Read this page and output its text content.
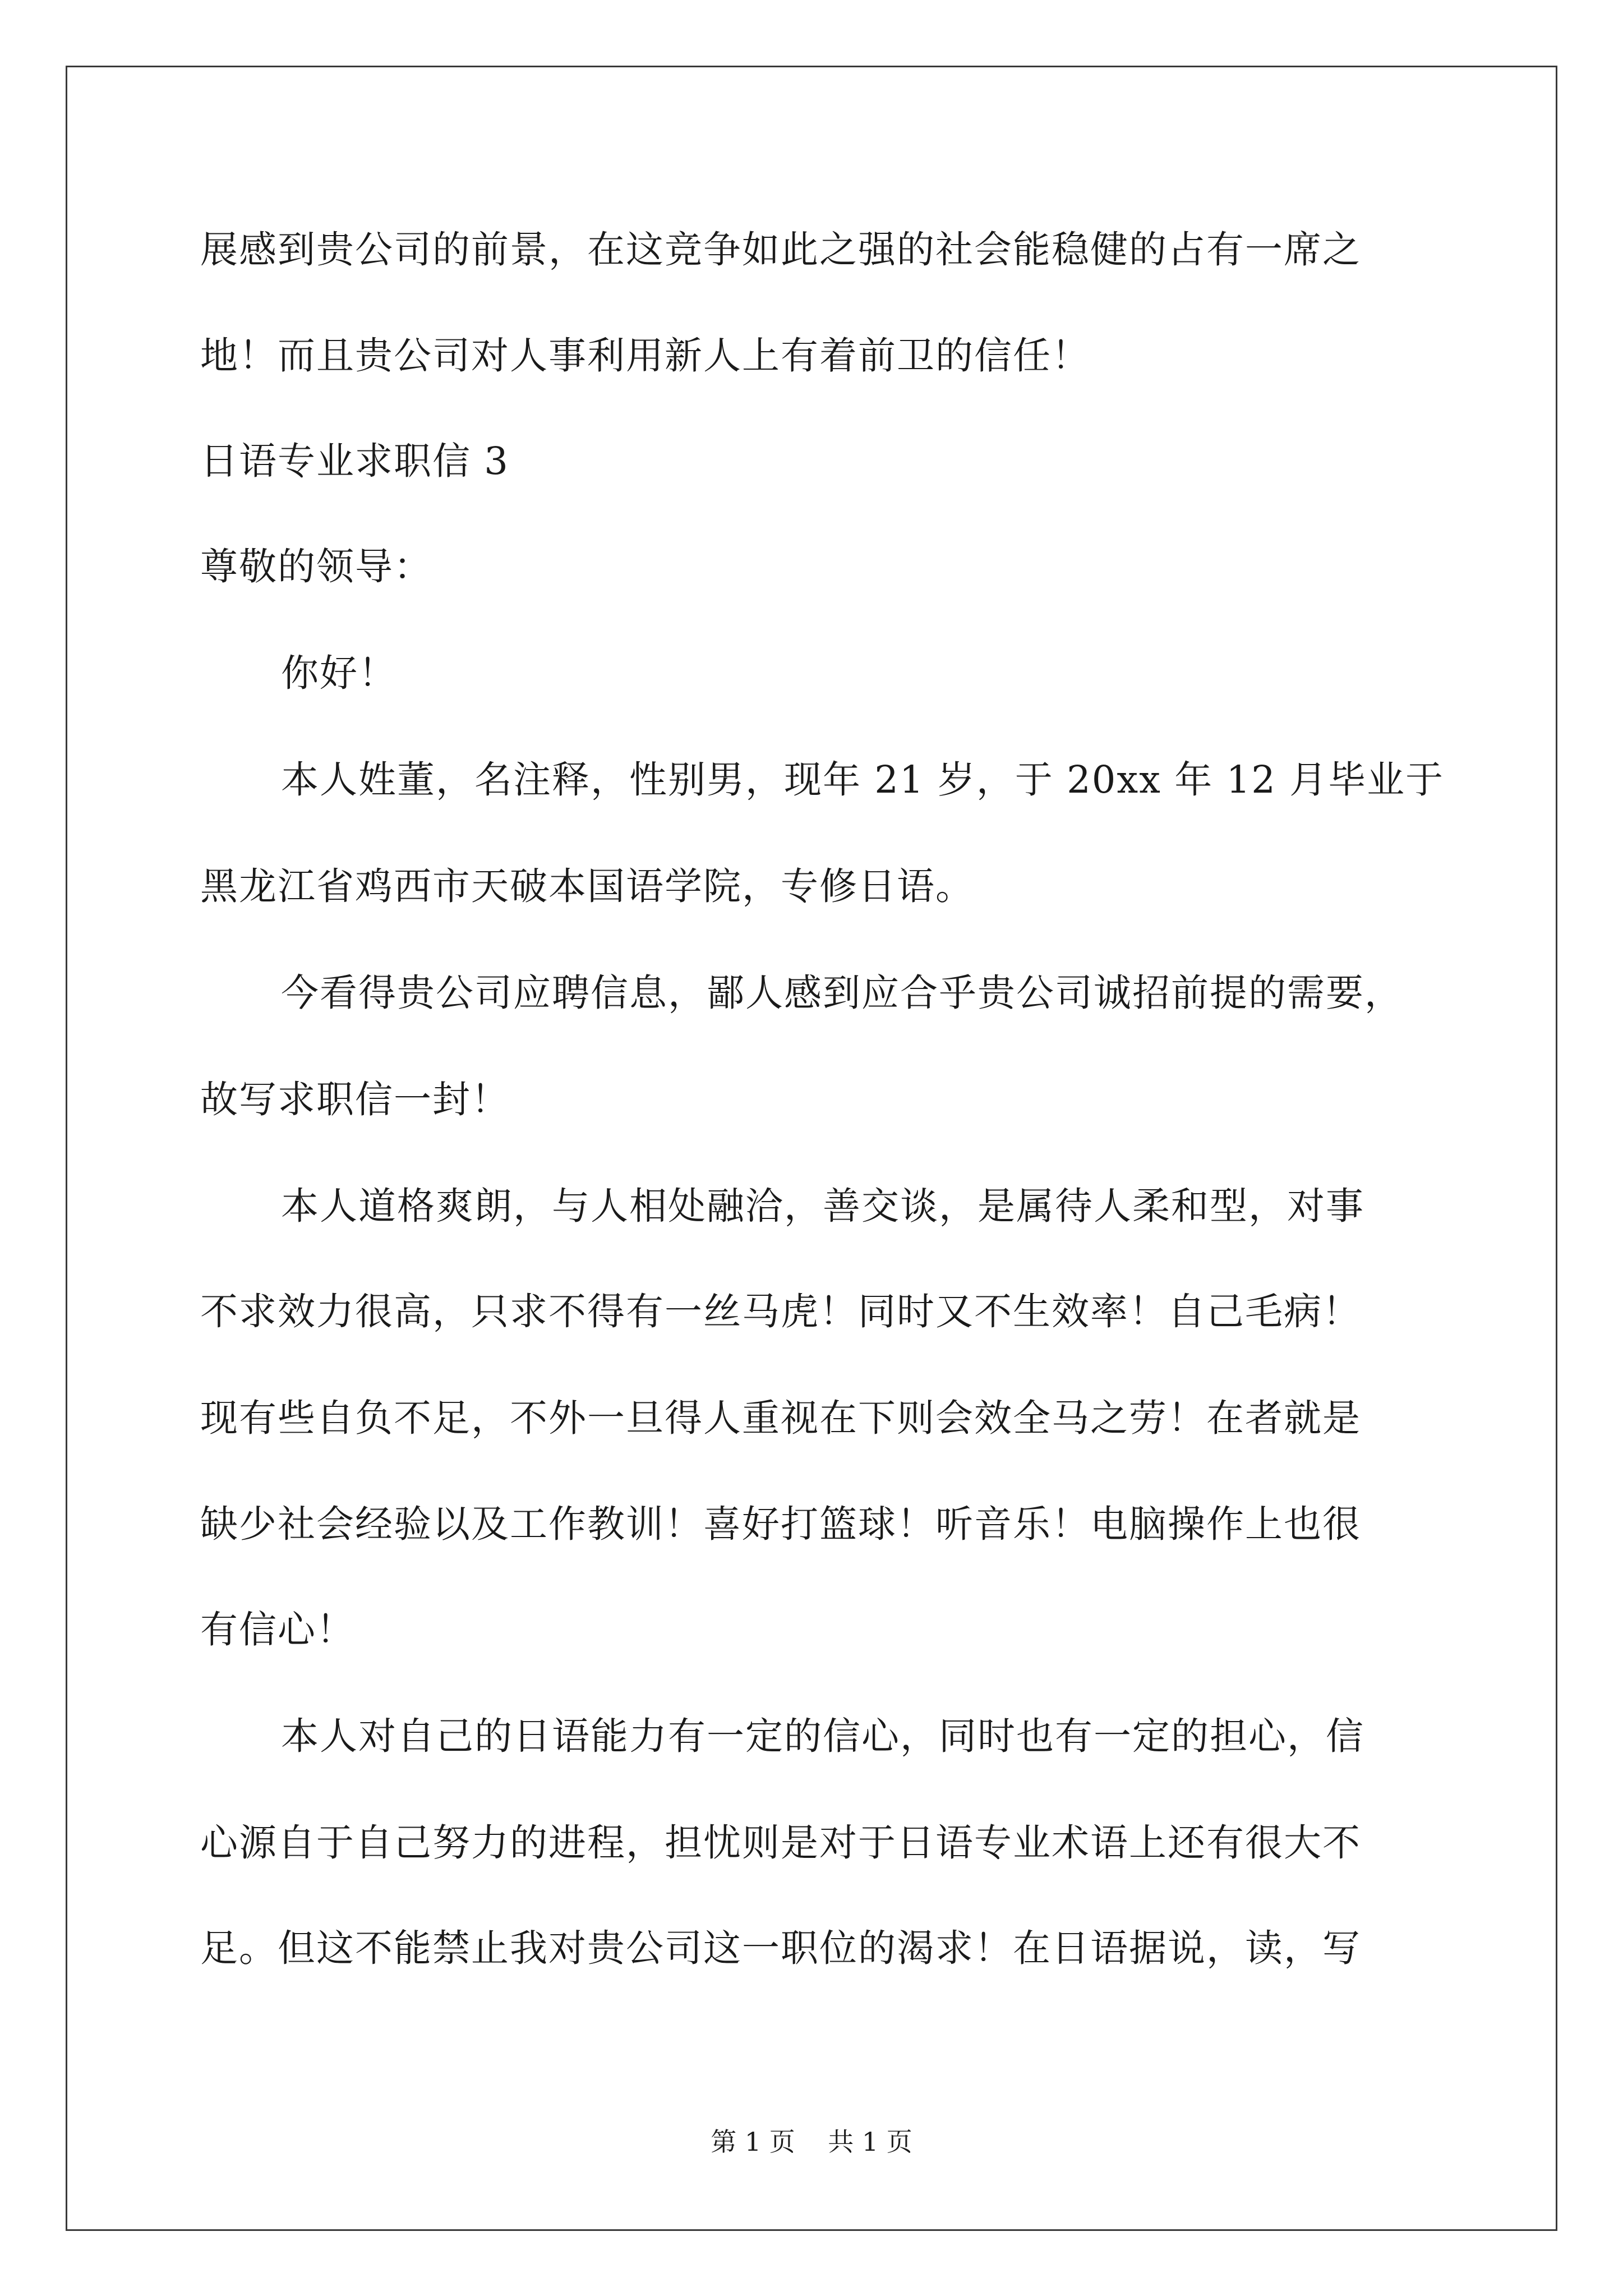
展感到贵公司的前景，在这竞争如此之强的社会能稳健的占有一席之
地！而且贵公司对人事利用新人上有着前卫的信任！
日语专业求职信 3
尊敬的领导：
你好！
本人姓董，名注释，性别男，现年 21 岁，于 20xx 年 12 月毕业于
黑龙江省鸡西市天破本国语学院，专修日语。
今看得贵公司应聘信息，鄙人感到应合乎贵公司诚招前提的需要，
故写求职信一封！
本人道格爽朗，与人相处融洽，善交谈，是属待人柔和型，对事
不求效力很高，只求不得有一丝马虎！同时又不生效率！自己毛病！
现有些自负不足，不外一旦得人重视在下则会效全马之劳！在者就是
缺少社会经验以及工作教训！喜好打篮球！听音乐！电脑操作上也很
有信心！
本人对自己的日语能力有一定的信心，同时也有一定的担心，信
心源自于自己努力的进程，担忧则是对于日语专业术语上还有很大不
足。但这不能禁止我对贵公司这一职位的渴求！在日语据说，读，写
第 1 页    共 1 页
